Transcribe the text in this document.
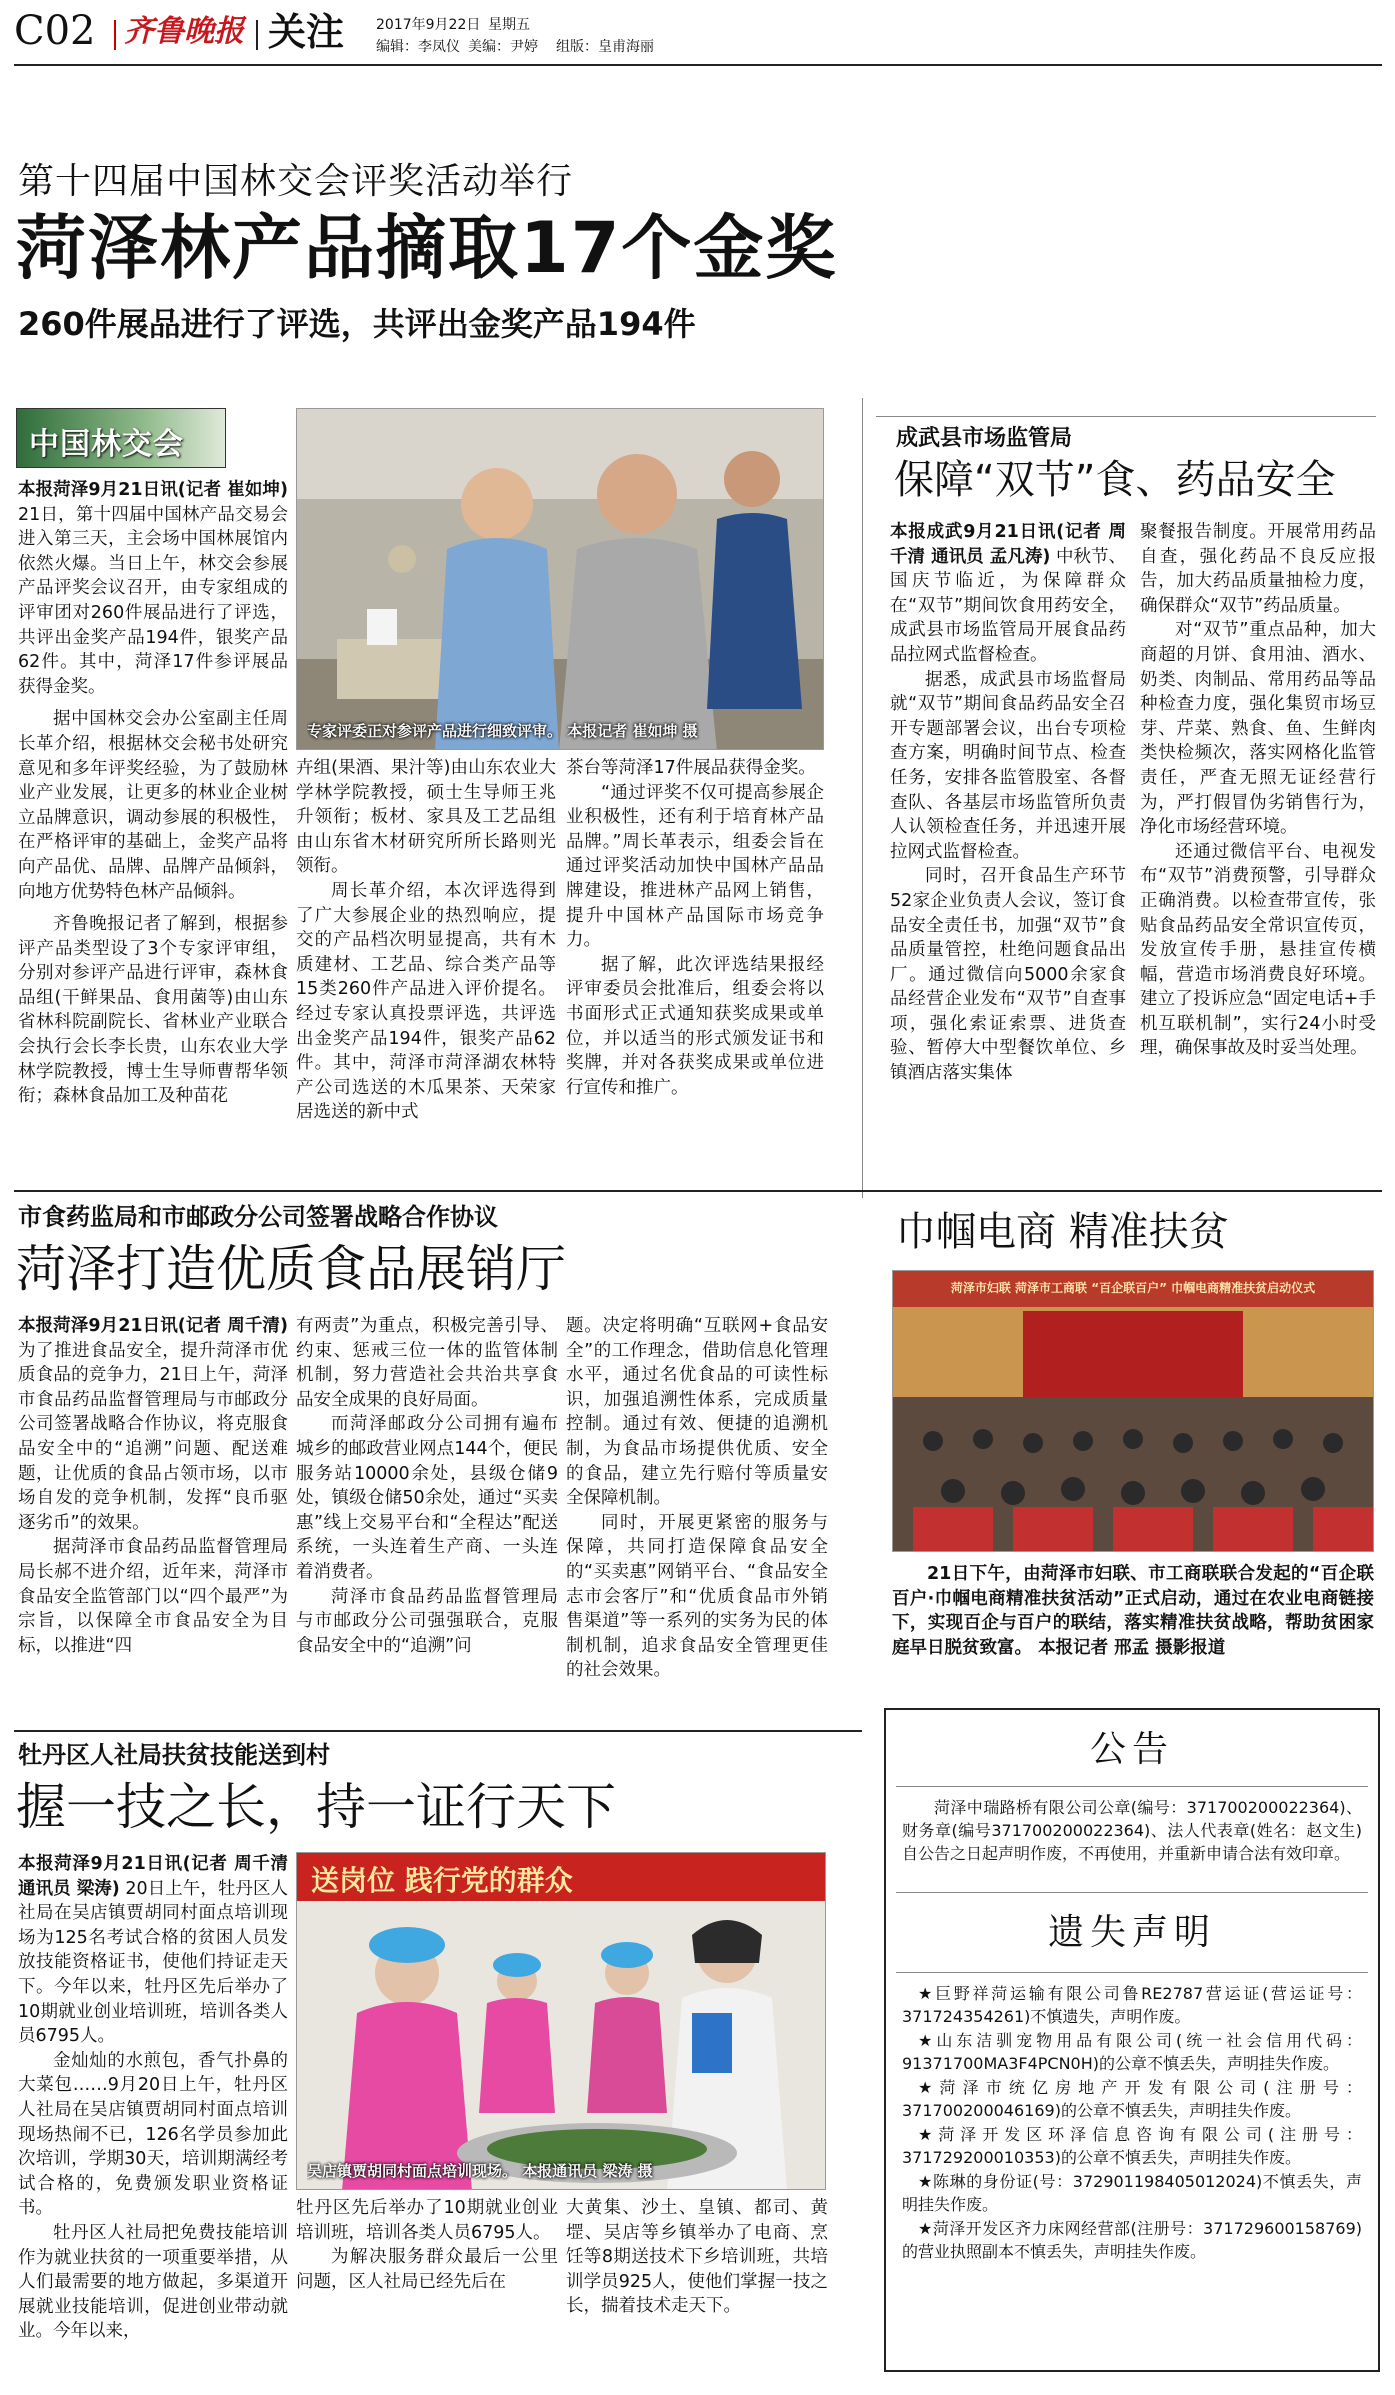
C02 齐鲁晚报 关注 2017年9月22日 星期五
编辑：李凤仪 美编：尹婷 组版：皇甫海丽
第十四届中国林交会评奖活动举行
菏泽林产品摘取17个金奖
260件展品进行了评选，共评出金奖产品194件
中国林交会

本报菏泽9月21日讯(记者 崔如坤) 21日，第十四届中国林产品交易会进入第三天，主会场中国林展馆内依然火爆。当日上午，林交会参展产品评奖会议召开，由专家组成的评审团对260件展品进行了评选，共评出金奖产品194件，银奖产品62件。其中，菏泽17件参评展品获得金奖。

据中国林交会办公室副主任周长革介绍，根据林交会秘书处研究意见和多年评奖经验，为了鼓励林业产业发展，让更多的林业企业树立品牌意识，调动参展的积极性，在严格评审的基础上，金奖产品将向产品优、品牌、品牌产品倾斜，向地方优势特色林产品倾斜。

齐鲁晚报记者了解到，根据参评产品类型设了3个专家评审组，分别对参评产品进行评审，森林食品组(干鲜果品、食用菌等)由山东省林科院副院长、省林业产业联合会执行会长李长贵，山东农业大学林学院教授，博士生导师曹帮华领衔；森林食品加工及种苗花

专家评委正对参评产品进行细致评审。 本报记者 崔如坤 摄

卉组(果酒、果汁等)由山东农业大学林学院教授，硕士生导师王兆升领衔；板材、家具及工艺品组由山东省木材研究所所长路则光领衔。

周长革介绍，本次评选得到了广大参展企业的热烈响应，提交的产品档次明显提高，共有木质建材、工艺品、综合类产品等15类260件产品进入评价提名。经过专家认真投票评选，共评选出金奖产品194件，银奖产品62件。其中，菏泽市菏泽湖农林特产公司选送的木瓜果茶、天荣家居选送的新中式

茶台等菏泽17件展品获得金奖。

“通过评奖不仅可提高参展企业积极性，还有利于培育林产品品牌。”周长革表示，组委会旨在通过评奖活动加快中国林产品品牌建设，推进林产品网上销售，提升中国林产品国际市场竞争力。

据了解，此次评选结果报经评审委员会批准后，组委会将以书面形式正式通知获奖成果或单位，并以适当的形式颁发证书和奖牌，并对各获奖成果或单位进行宣传和推广。

成武县市场监管局
保障“双节”食、药品安全

本报成武9月21日讯(记者 周千清 通讯员 孟凡涛) 中秋节、国庆节临近，为保障群众在“双节”期间饮食用药安全，成武县市场监管局开展食品药品拉网式监督检查。

据悉，成武县市场监督局就“双节”期间食品药品安全召开专题部署会议，出台专项检查方案，明确时间节点、检查任务，安排各监管股室、各督查队、各基层市场监管所负责人认领检查任务，并迅速开展拉网式监督检查。

同时，召开食品生产环节52家企业负责人会议，签订食品安全责任书，加强“双节”食品质量管控，杜绝问题食品出厂。通过微信向5000余家食品经营企业发布“双节”自查事项，强化索证索票、进货查验、暂停大中型餐饮单位、乡镇酒店落实集体

聚餐报告制度。开展常用药品自查，强化药品不良反应报告，加大药品质量抽检力度，确保群众“双节”药品质量。

对“双节”重点品种，加大商超的月饼、食用油、酒水、奶类、肉制品、常用药品等品种检查力度，强化集贸市场豆芽、芹菜、熟食、鱼、生鲜肉类快检频次，落实网格化监管责任，严査无照无证经营行为，严打假冒伪劣销售行为，净化市场经营环境。

还通过微信平台、电视发布“双节”消费预警，引导群众正确消费。以检查带宣传，张贴食品药品安全常识宣传页，发放宣传手册，悬挂宣传横幅，营造市场消费良好环境。建立了投诉应急“固定电话+手机互联机制”，实行24小时受理，确保事故及时妥当处理。

市食药监局和市邮政分公司签署战略合作协议
菏泽打造优质食品展销厅

本报菏泽9月21日讯(记者 周千清) 为了推进食品安全，提升菏泽市优质食品的竞争力，21日上午，菏泽市食品药品监督管理局与市邮政分公司签署战略合作协议，将克服食品安全中的“追溯”问题、配送难题，让优质的食品占领市场，以市场自发的竞争机制，发挥“良币驱逐劣币”的效果。

据菏泽市食品药品监督管理局局长郝不进介绍，近年来，菏泽市食品安全监管部门以“四个最严”为宗旨，以保障全市食品安全为目标，以推进“四

有两责”为重点，积极完善引导、约束、惩戒三位一体的监管体制机制，努力营造社会共治共享食品安全成果的良好局面。

而菏泽邮政分公司拥有遍布城乡的邮政营业网点144个，便民服务站10000余处，县级仓储9处，镇级仓储50余处，通过“买卖惠”线上交易平台和“全程达”配送系统，一头连着生产商、一头连着消费者。

菏泽市食品药品监督管理局与市邮政分公司强强联合，克服食品安全中的“追溯”问

题。决定将明确“互联网+食品安全”的工作理念，借助信息化管理水平，通过名优食品的可读性标识，加强追溯性体系，完成质量控制。通过有效、便捷的追溯机制，为食品市场提供优质、安全的食品，建立先行赔付等质量安全保障机制。

同时，开展更紧密的服务与保障，共同打造保障食品安全的“买卖惠”网销平台、“食品安全志市会客厅”和“优质食品市外销售渠道”等一系列的实务为民的体制机制，追求食品安全管理更佳的社会效果。

巾帼电商 精准扶贫
菏泽市妇联 菏泽市工商联 “百企联百户” 巾帼电商精准扶贫启动仪式

21日下午，由菏泽市妇联、市工商联联合发起的“百企联百户·巾帼电商精准扶贫活动”正式启动，通过在农业电商链接下，实现百企与百户的联结，落实精准扶贫战略，帮助贫困家庭早日脱贫致富。 本报记者 邢孟 摄影报道

牡丹区人社局扶贫技能送到村
握一技之长，持一证行天下

本报菏泽9月21日讯(记者 周千清 通讯员 梁涛) 20日上午，牡丹区人社局在吴店镇贾胡同村面点培训现场为125名考试合格的贫困人员发放技能资格证书，使他们持证走天下。今年以来，牡丹区先后举办了10期就业创业培训班，培训各类人员6795人。

金灿灿的水煎包，香气扑鼻的大菜包……9月20日上午，牡丹区人社局在吴店镇贾胡同村面点培训现场热闹不已，126名学员参加此次培训，学期30天，培训期满经考试合格的，免费颁发职业资格证书。

牡丹区人社局把免费技能培训作为就业扶贫的一项重要举措，从人们最需要的地方做起，多渠道开展就业技能培训，促进创业带动就业。今年以来，

送岗位 践行党的群众
吴店镇贾胡同村面点培训现场。 本报通讯员 梁涛 摄

牡丹区先后举办了10期就业创业培训班，培训各类人员6795人。

为解决服务群众最后一公里问题，区人社局已经先后在

大黄集、沙土、皇镇、都司、黄堽、吴店等乡镇举办了电商、烹饪等8期送技术下乡培训班，共培训学员925人，使他们掌握一技之长，揣着技术走天下。

公告

菏泽中瑞路桥有限公司公章(编号：371700200022364)、财务章(编号371700200022364)、法人代表章(姓名：赵文生)自公告之日起声明作废，不再使用，并重新申请合法有效印章。

遗失声明

★巨野祥菏运输有限公司鲁RE2787营运证(营运证号：371724354261)不慎遗失，声明作废。

★山东洁驯宠物用品有限公司(统一社会信用代码：91371700MA3F4PCN0H)的公章不慎丢失，声明挂失作废。

★菏泽市统亿房地产开发有限公司(注册号：371700200046169)的公章不慎丢失，声明挂失作废。

★菏泽开发区环泽信息咨询有限公司(注册号：371729200010353)的公章不慎丢失，声明挂失作废。

★陈琳的身份证(号：372901198405012024)不慎丢失，声明挂失作废。

★菏泽开发区齐力床网经营部(注册号：371729600158769)的营业执照副本不慎丢失，声明挂失作废。
